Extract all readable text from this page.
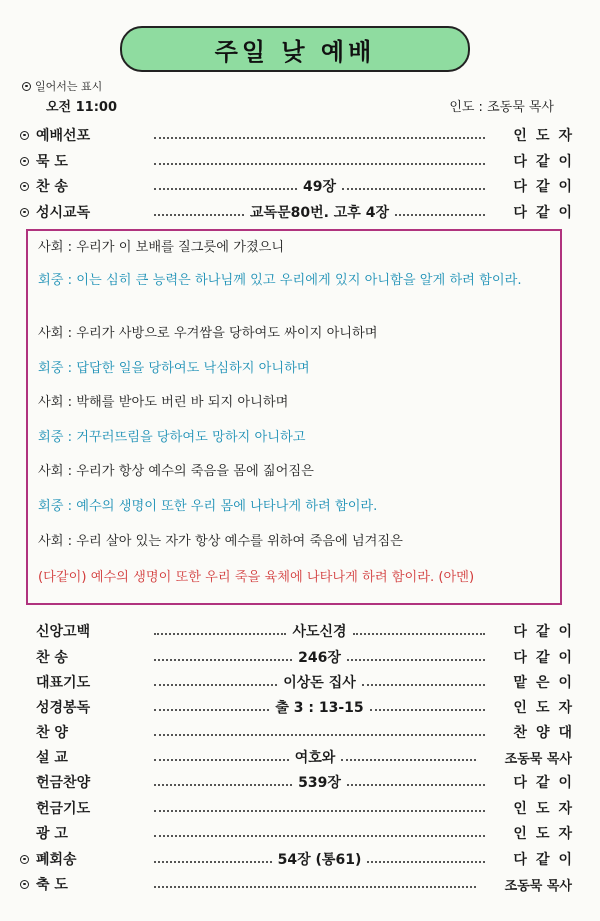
주일 낮 예배
일어서는 표시
오전 11:00	인도 : 조동묵 목사
예배선포	인도자
묵 도	다같이
찬 송	49장	다같이
성시교독	교독문80번. 고후 4장	다같이
사회 : 우리가 이 보배를 질그릇에 가졌으니
회중 : 이는 심히 큰 능력은 하나님께 있고 우리에게 있지 아니함을 알게 하려 함이라.
사회 : 우리가 사방으로 우겨쌈을 당하여도 싸이지 아니하며
회중 : 답답한 일을 당하여도 낙심하지 아니하며
사회 : 박해를 받아도 버린 바 되지 아니하며
회중 : 거꾸러뜨림을 당하여도 망하지 아니하고
사회 : 우리가 항상 예수의 죽음을 몸에 짊어짐은
회중 : 예수의 생명이 또한 우리 몸에 나타나게 하려 함이라.
사회 : 우리 살아 있는 자가 항상 예수를 위하여 죽음에 넘겨짐은
(다같이) 예수의 생명이 또한 우리 죽을 육체에 나타나게 하려 함이라. (아멘)
신앙고백	사도신경	다같이
찬 송	246장	다같이
대표기도	이상돈 집사	맡은이
성경봉독	출 3 : 13-15	인도자
찬 양	찬양대
설 교	여호와	조동묵 목사
헌금찬양	539장	다같이
헌금기도	인도자
광 고	인도자
폐회송	54장 (통61)	다같이
축 도	조동묵 목사
